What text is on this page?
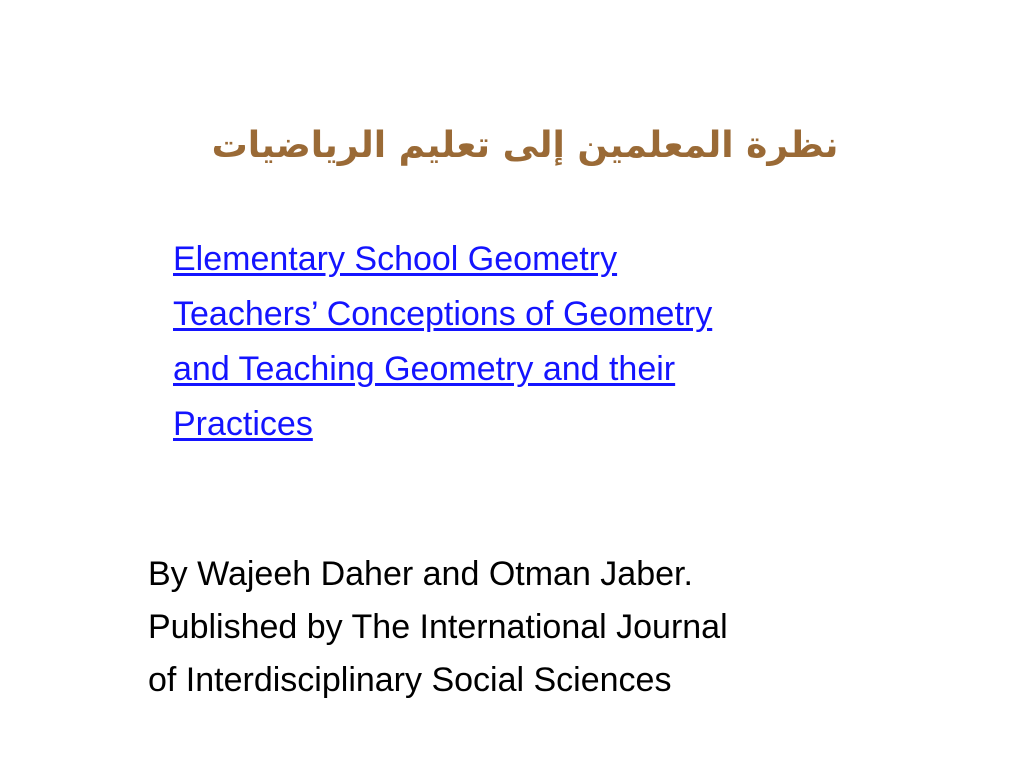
نظرة المعلمين إلى تعليم الرياضيات
Elementary School Geometry
Teachers’ Conceptions of Geometry
and Teaching Geometry and their
Practices
By Wajeeh Daher and Otman Jaber.
Published by The International Journal
of Interdisciplinary Social Sciences
